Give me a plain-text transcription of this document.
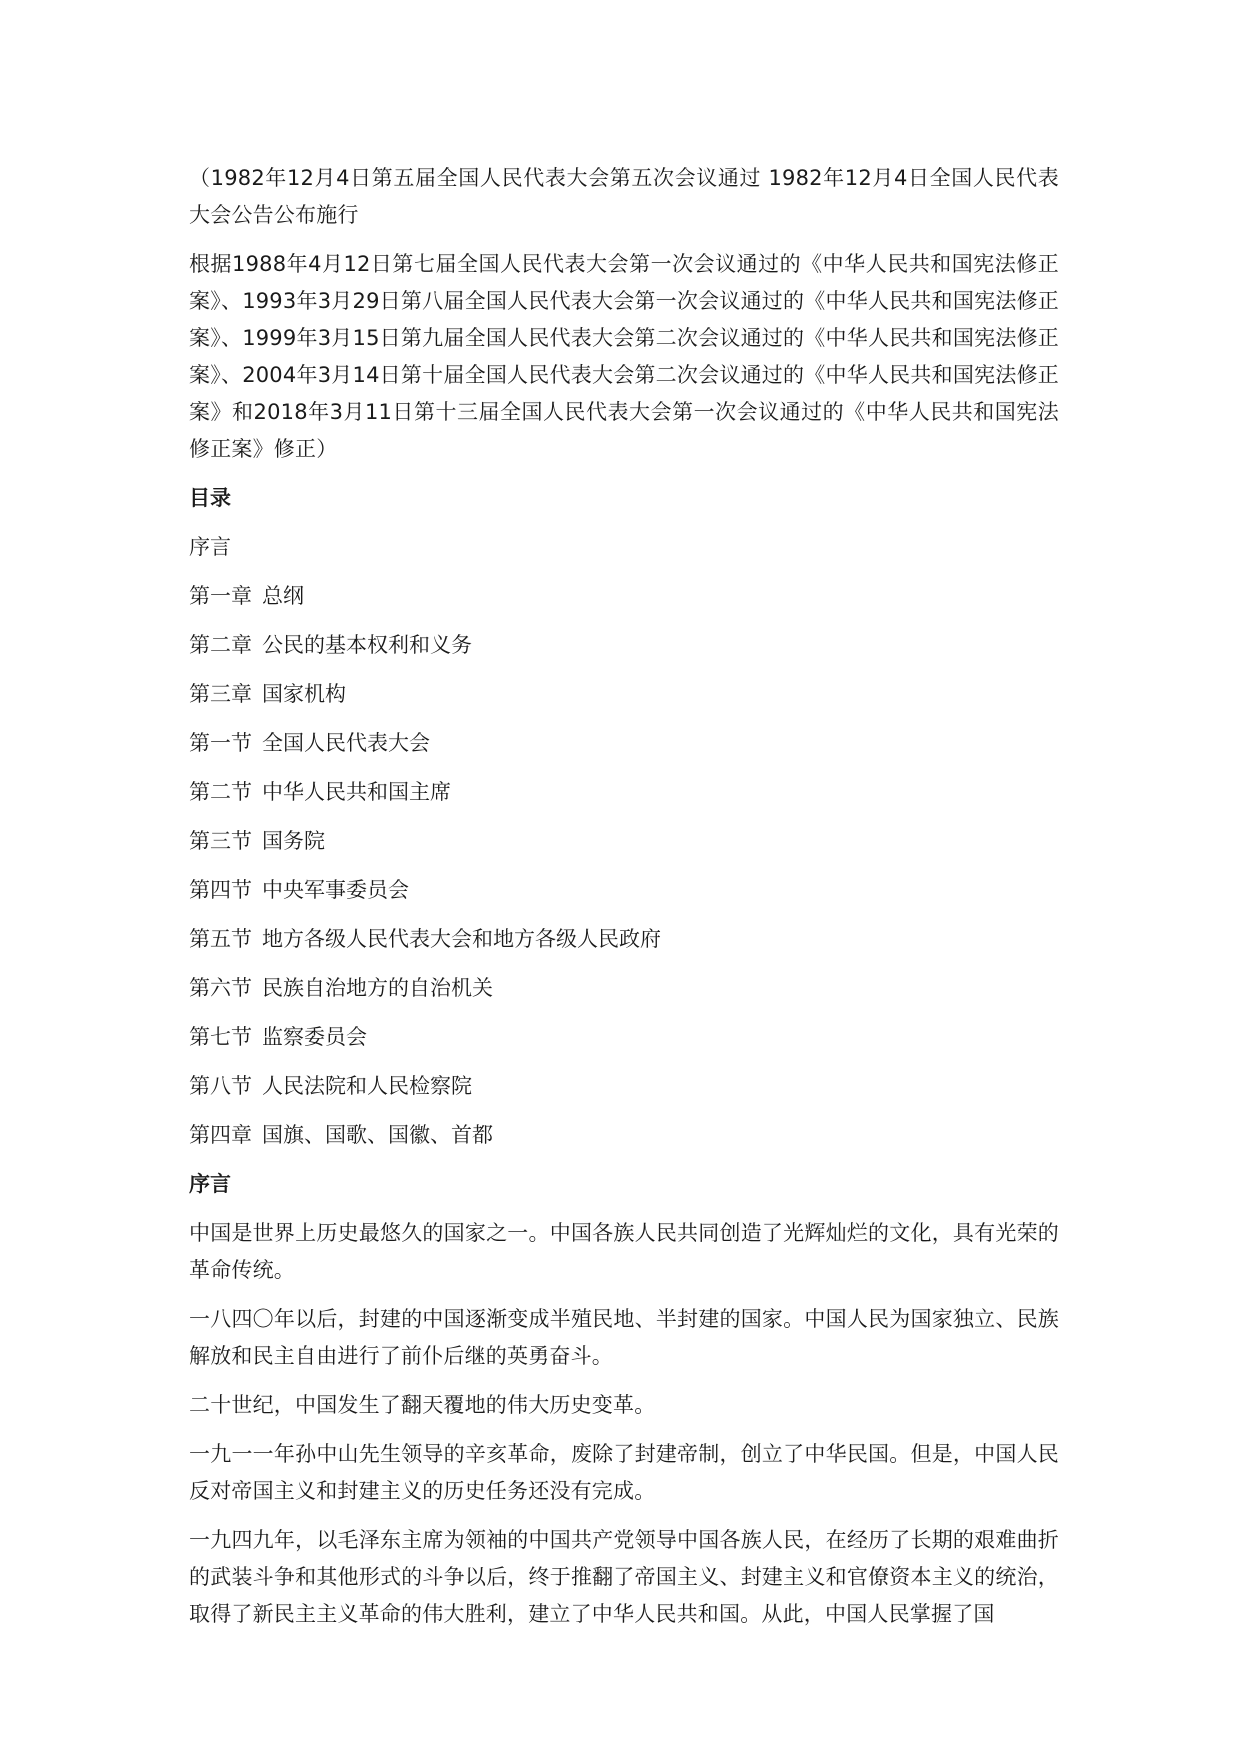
（1982年12月4日第五届全国人民代表大会第五次会议通过 1982年12月4日全国人民代表大会公告公布施行

根据1988年4月12日第七届全国人民代表大会第一次会议通过的《中华人民共和国宪法修正案》、1993年3月29日第八届全国人民代表大会第一次会议通过的《中华人民共和国宪法修正案》、1999年3月15日第九届全国人民代表大会第二次会议通过的《中华人民共和国宪法修正案》、2004年3月14日第十届全国人民代表大会第二次会议通过的《中华人民共和国宪法修正案》和2018年3月11日第十三届全国人民代表大会第一次会议通过的《中华人民共和国宪法修正案》修正）

目录

序言

第一章 总纲

第二章 公民的基本权利和义务

第三章 国家机构

第一节 全国人民代表大会

第二节 中华人民共和国主席

第三节 国务院

第四节 中央军事委员会

第五节 地方各级人民代表大会和地方各级人民政府

第六节 民族自治地方的自治机关

第七节 监察委员会

第八节 人民法院和人民检察院

第四章 国旗、国歌、国徽、首都

序言

中国是世界上历史最悠久的国家之一。中国各族人民共同创造了光辉灿烂的文化，具有光荣的革命传统。

一八四〇年以后，封建的中国逐渐变成半殖民地、半封建的国家。中国人民为国家独立、民族解放和民主自由进行了前仆后继的英勇奋斗。

二十世纪，中国发生了翻天覆地的伟大历史变革。

一九一一年孙中山先生领导的辛亥革命，废除了封建帝制，创立了中华民国。但是，中国人民反对帝国主义和封建主义的历史任务还没有完成。

一九四九年，以毛泽东主席为领袖的中国共产党领导中国各族人民，在经历了长期的艰难曲折的武装斗争和其他形式的斗争以后，终于推翻了帝国主义、封建主义和官僚资本主义的统治，取得了新民主主义革命的伟大胜利，建立了中华人民共和国。从此，中国人民掌握了国
